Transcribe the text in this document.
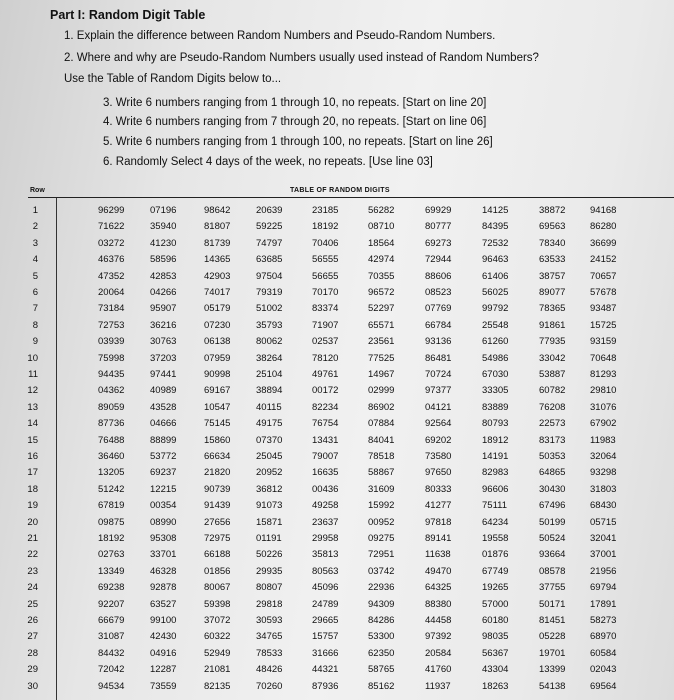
Part I: Random Digit Table
1. Explain the difference between Random Numbers and Pseudo-Random Numbers.
2. Where and why are Pseudo-Random Numbers usually used instead of Random Numbers?
Use the Table of Random Digits below to...
3. Write 6 numbers ranging from 1 through 10, no repeats. [Start on line 20]
4. Write 6 numbers ranging from 7 through 20, no repeats. [Start on line 06]
5. Write 6 numbers ranging from 1 through 100, no repeats. [Start on line 26]
6. Randomly Select 4 days of the week, no repeats. [Use line 03]
Row	TABLE OF RANDOM DIGITS
1	96299	07196	98642	20639	23185	56282	69929	14125	38872	94168
2	71622	35940	81807	59225	18192	08710	80777	84395	69563	86280
3	03272	41230	81739	74797	70406	18564	69273	72532	78340	36699
4	46376	58596	14365	63685	56555	42974	72944	96463	63533	24152
5	47352	42853	42903	97504	56655	70355	88606	61406	38757	70657
6	20064	04266	74017	79319	70170	96572	08523	56025	89077	57678
7	73184	95907	05179	51002	83374	52297	07769	99792	78365	93487
8	72753	36216	07230	35793	71907	65571	66784	25548	91861	15725
9	03939	30763	06138	80062	02537	23561	93136	61260	77935	93159
10	75998	37203	07959	38264	78120	77525	86481	54986	33042	70648
11	94435	97441	90998	25104	49761	14967	70724	67030	53887	81293
12	04362	40989	69167	38894	00172	02999	97377	33305	60782	29810
13	89059	43528	10547	40115	82234	86902	04121	83889	76208	31076
14	87736	04666	75145	49175	76754	07884	92564	80793	22573	67902
15	76488	88899	15860	07370	13431	84041	69202	18912	83173	11983
16	36460	53772	66634	25045	79007	78518	73580	14191	50353	32064
17	13205	69237	21820	20952	16635	58867	97650	82983	64865	93298
18	51242	12215	90739	36812	00436	31609	80333	96606	30430	31803
19	67819	00354	91439	91073	49258	15992	41277	75111	67496	68430
20	09875	08990	27656	15871	23637	00952	97818	64234	50199	05715
21	18192	95308	72975	01191	29958	09275	89141	19558	50524	32041
22	02763	33701	66188	50226	35813	72951	11638	01876	93664	37001
23	13349	46328	01856	29935	80563	03742	49470	67749	08578	21956
24	69238	92878	80067	80807	45096	22936	64325	19265	37755	69794
25	92207	63527	59398	29818	24789	94309	88380	57000	50171	17891
26	66679	99100	37072	30593	29665	84286	44458	60180	81451	58273
27	31087	42430	60322	34765	15757	53300	97392	98035	05228	68970
28	84432	04916	52949	78533	31666	62350	20584	56367	19701	60584
29	72042	12287	21081	48426	44321	58765	41760	43304	13399	02043
30	94534	73559	82135	70260	87936	85162	11937	18263	54138	69564
